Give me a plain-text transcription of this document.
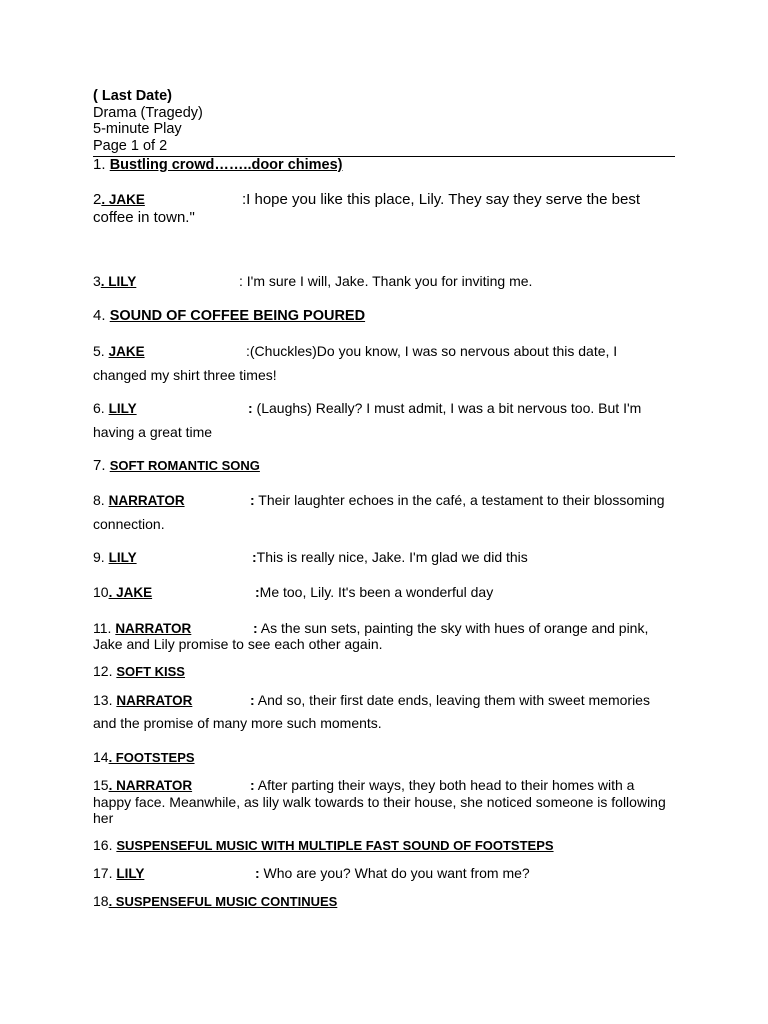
( Last Date)
Drama (Tragedy)
5-minute Play
Page 1 of 2
1. Bustling crowd……..door chimes)
2. JAKE	:I hope you like this place, Lily. They say they serve the best
coffee in town."
3. LILY	: I'm sure I will, Jake. Thank you for inviting me.
4. SOUND OF COFFEE BEING POURED
5. JAKE	:(Chuckles)Do you know, I was so nervous about this date, I
changed my shirt three times!
6. LILY	: (Laughs) Really? I must admit, I was a bit nervous too. But I'm
having a great time
7. SOFT ROMANTIC SONG
8. NARRATOR	: Their laughter echoes in the café, a testament to their blossoming
connection.
9. LILY	:This is really nice, Jake. I'm glad we did this
10. JAKE	:Me too, Lily. It's been a wonderful day
11. NARRATOR	: As the sun sets, painting the sky with hues of orange and pink,
Jake and Lily promise to see each other again.
12. SOFT KISS
13. NARRATOR	: And so, their first date ends, leaving them with sweet memories
and the promise of many more such moments.
14. FOOTSTEPS
15. NARRATOR	: After parting their ways, they both head to their homes with a
happy face. Meanwhile, as lily walk towards to their house, she noticed someone is following
her
16. SUSPENSEFUL MUSIC WITH MULTIPLE FAST SOUND OF FOOTSTEPS
17. LILY	: Who are you? What do you want from me?
18. SUSPENSEFUL MUSIC CONTINUES
